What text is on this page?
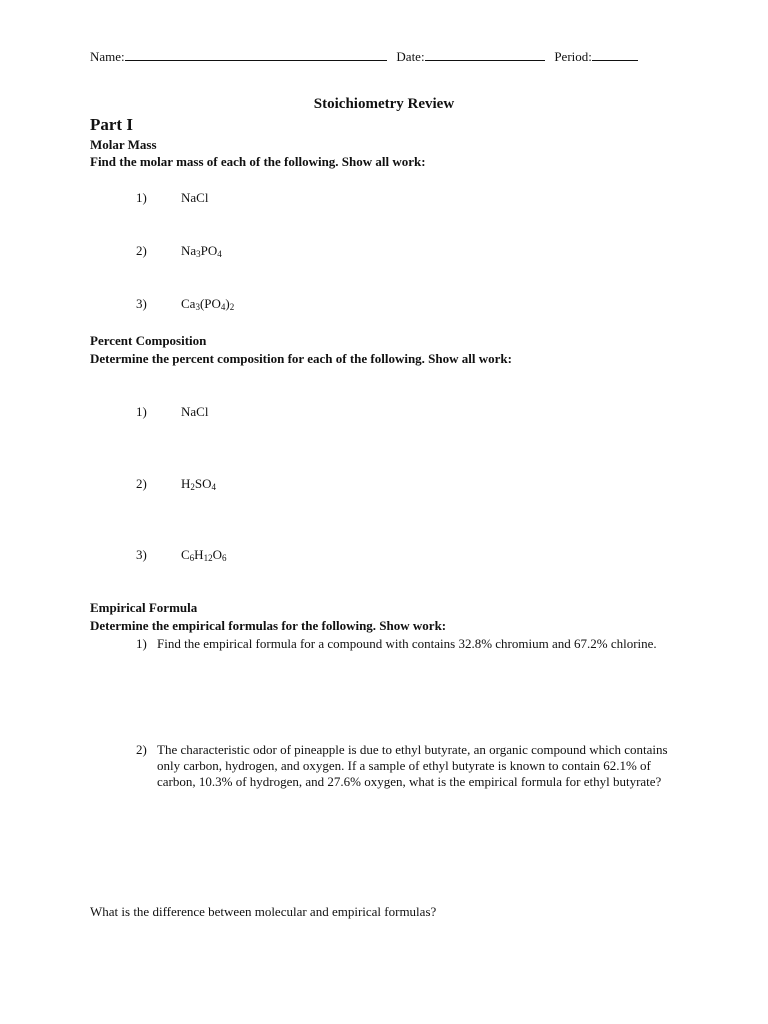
Name:	Date:	Period:
Stoichiometry Review
Part I
Molar Mass
Find the molar mass of each of the following. Show all work:
1)	NaCl
2)	$Na_3PO_4$
3)	$Ca_3(PO_4)_2$
Percent Composition
Determine the percent composition for each of the following. Show all work:
1)	NaCl
2)	$H_2SO_4$
3)	$C_6H_{12}O_6$
Empirical Formula
Determine the empirical formulas for the following. Show work:
1) Find the empirical formula for a compound with contains 32.8% chromium and 67.2% chlorine.
2) The characteristic odor of pineapple is due to ethyl butyrate, an organic compound which contains only carbon, hydrogen, and oxygen. If a sample of ethyl butyrate is known to contain 62.1% of carbon, 10.3% of hydrogen, and 27.6% oxygen, what is the empirical formula for ethyl butyrate?
What is the difference between molecular and empirical formulas?
